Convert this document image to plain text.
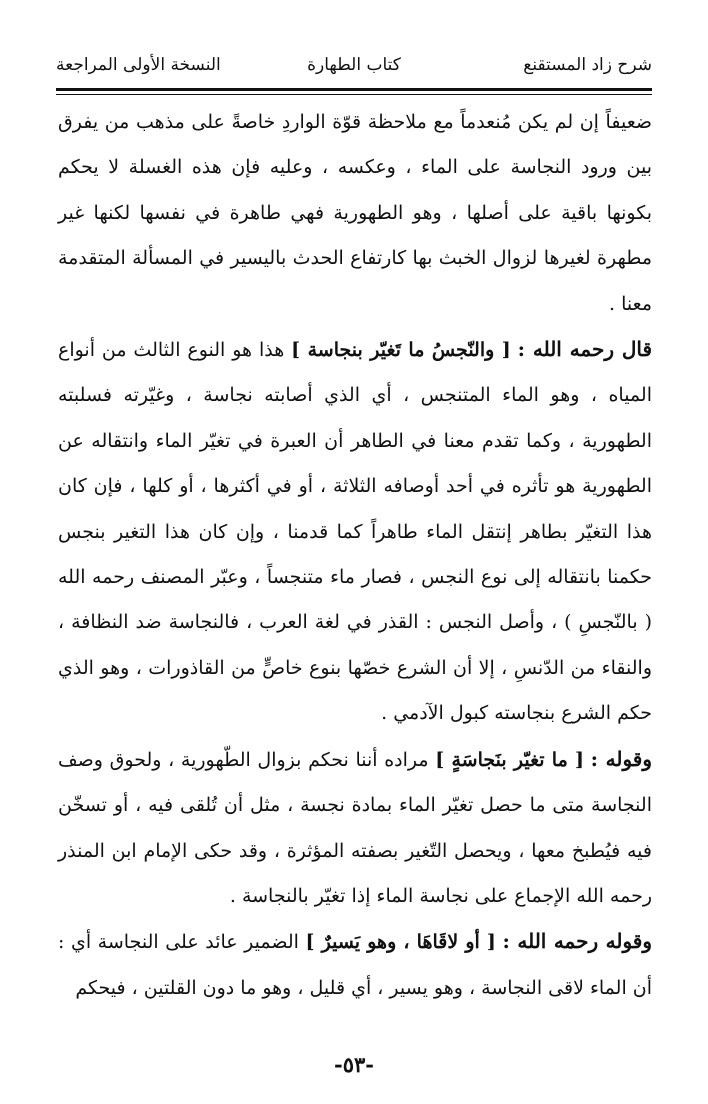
شرح زاد المستقنع
كتاب الطهارة
النسخة الأولى المراجعة

ضعيفاً إن لم يكن مُنعدماً مع ملاحظة قوّة الواردِ خاصةً على مذهب من يفرق بين ورود النجاسة على الماء ، وعكسه ، وعليه فإن هذه الغسلة لا يحكم بكونها باقية على أصلها ، وهو الطهورية فهي طاهرة في نفسها لكنها غير مطهرة لغيرها لزوال الخبث بها كارتفاع الحدث باليسير في المسألة المتقدمة معنا .

قال رحمه الله : [ والنّجسُ ما تَغيّر بنجاسة ] هذا هو النوع الثالث من أنواع المياه ، وهو الماء المتنجس ، أي الذي أصابته نجاسة ، وغيّرته فسلبته الطهورية ، وكما تقدم معنا في الطاهر أن العبرة في تغيّر الماء وانتقاله عن الطهورية هو تأثره في أحد أوصافه الثلاثة ، أو في أكثرها ، أو كلها ، فإن كان هذا التغيّر بطاهر إنتقل الماء طاهراً كما قدمنا ، وإن كان هذا التغير بنجس حكمنا بانتقاله إلى نوع النجس ، فصار ماء متنجساً ، وعبّر المصنف رحمه الله ( بالنّجسِ ) ، وأصل النجس : القذر في لغة العرب ، فالنجاسة ضد النظافة ، والنقاء من الدّنسِ ، إلا أن الشرع خصّها بنوع خاصٍّ من القاذورات ، وهو الذي حكم الشرع بنجاسته كبول الآدمي .

وقوله : [ ما تغيّر بنَجاسَةٍ ] مراده أننا نحكم بزوال الطّهورية ، ولحوق وصف النجاسة متى ما حصل تغيّر الماء بمادة نجسة ، مثل أن تُلقى فيه ، أو تسخّن فيه فيُطبخ معها ، ويحصل التّغير بصفته المؤثرة ، وقد حكى الإمام ابن المنذر رحمه الله الإجماع على نجاسة الماء إذا تغيّر بالنجاسة .

وقوله رحمه الله : [ أو لاقَاهَا ، وهو يَسيرٌ ] الضمير عائد على النجاسة أي : أن الماء لاقى النجاسة ، وهو يسير ، أي قليل ، وهو ما دون القلتين ، فيحكم

-٥٣-
